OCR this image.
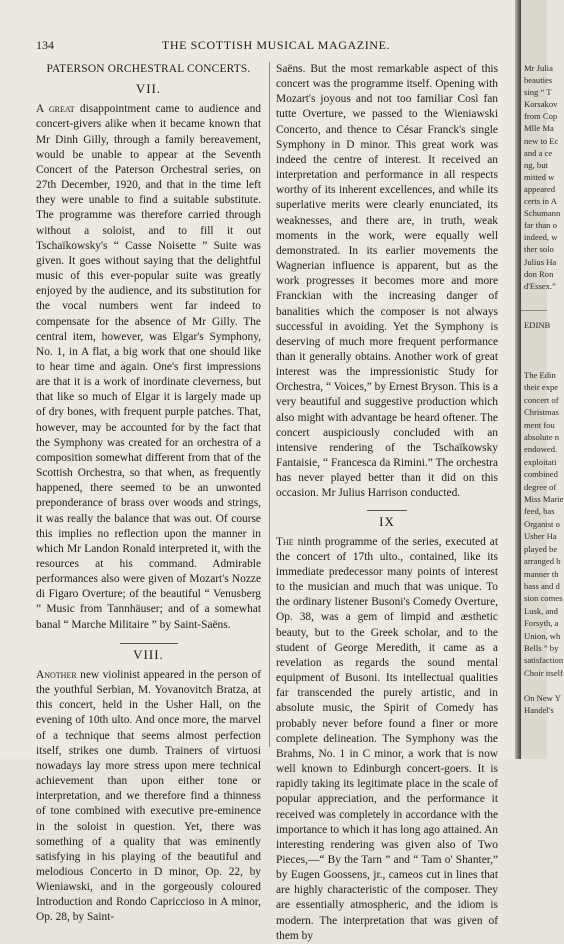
134	THE SCOTTISH MUSICAL MAGAZINE.
PATERSON ORCHESTRAL CONCERTS.
VII.

A great disappointment came to audience and concert-givers alike when it became known that Mr Dinh Gilly, through a family bereavement, would be unable to appear at the Seventh Concert of the Paterson Orchestral series, on 27th December, 1920, and that in the time left they were unable to find a suitable substitute. The programme was therefore carried through without a soloist, and to fill it out Tschaïkowsky's “ Casse Noisette ” Suite was given. It goes without saying that the delightful music of this ever-popular suite was greatly enjoyed by the audience, and its substitution for the vocal numbers went far indeed to compensate for the absence of Mr Gilly. The central item, however, was Elgar's Symphony, No. 1, in A flat, a big work that one should like to hear time and again. One's first impressions are that it is a work of inordinate cleverness, but that like so much of Elgar it is largely made up of dry bones, with frequent purple patches. That, however, may be accounted for by the fact that the Symphony was created for an orchestra of a composition somewhat different from that of the Scottish Orchestra, so that when, as frequently happened, there seemed to be an unwonted preponderance of brass over woods and strings, it was really the balance that was out. Of course this implies no reflection upon the manner in which Mr Landon Ronald interpreted it, with the resources at his command. Admirable performances also were given of Mozart's Nozze di Figaro Overture; of the beautiful “ Venusberg ” Music from Tannhäuser; and of a somewhat banal “ Marche Militaire ” by Saint-Saëns.

VIII.

Another new violinist appeared in the person of the youthful Serbian, M. Yovanovitch Bratza, at this concert, held in the Usher Hall, on the evening of 10th ulto. And once more, the marvel of a technique that seems almost perfection itself, strikes one dumb. Trainers of virtuosi nowadays lay more stress upon mere technical achievement than upon either tone or interpretation, and we therefore find a thinness of tone combined with executive pre-eminence in the soloist in question. Yet, there was something of a quality that was eminently satisfying in his playing of the beautiful and melodious Concerto in D minor, Op. 22, by Wieniawski, and in the gorgeously coloured Introduction and Rondo Capriccioso in A minor, Op. 28, by Saint-

Saëns. But the most remarkable aspect of this concert was the programme itself. Opening with Mozart's joyous and not too familiar Così fan tutte Overture, we passed to the Wieniawski Concerto, and thence to César Franck's single Symphony in D minor. This great work was indeed the centre of interest. It received an interpretation and performance in all respects worthy of its inherent excellences, and while its superlative merits were clearly enunciated, its weaknesses, and there are, in truth, weak moments in the work, were equally well demonstrated. In its earlier movements the Wagnerian influence is apparent, but as the work progresses it becomes more and more Franckian with the increasing danger of banalities which the composer is not always successful in avoiding. Yet the Symphony is deserving of much more frequent performance than it generally obtains. Another work of great interest was the impressionistic Study for Orchestra, “ Voices,” by Ernest Bryson. This is a very beautiful and suggestive production which also might with advantage be heard oftener. The concert auspiciously concluded with an intensive rendering of the Tschaïkowsky Fantaisie, “ Francesca da Rimini.” The orchestra has never played better than it did on this occasion. Mr Julius Harrison conducted.

IX

The ninth programme of the series, executed at the concert of 17th ulto., contained, like its immediate predecessor many points of interest to the musician and much that was unique. To the ordinary listener Busoni's Comedy Overture, Op. 38, was a gem of limpid and æsthetic beauty, but to the Greek scholar, and to the student of George Meredith, it came as a revelation as regards the sound mental equipment of Busoni. Its intellectual qualities far transcended the purely artistic, and in absolute music, the Spirit of Comedy has probably never before found a finer or more complete delineation. The Symphony was the Brahms, No. 1 in C minor, a work that is now well known to Edinburgh concert-goers. It is rapidly taking its legitimate place in the scale of popular appreciation, and the performance it received was completely in accordance with the importance to which it has long ago attained. An interesting rendering was given also of Two Pieces,—“ By the Tarn ” and “ Tam o' Shanter,” by Eugen Goossens, jr., cameos cut in lines that are highly characteristic of the composer. They are essentially atmospheric, and the idiom is modern. The interpretation that was given of them by

Mr Julia
beauties
sing “ T
Korsakov
from Cop
Mlle Ma
new to Ec
and a ce
ng, but
mitted w
appeared
certs in A
Schumann
far than o
indeed, w
ther solo
Julius Ha
don Ron
d'Essex.”
EDINB
The Edin
their expe
concert of
Christmas
ment fou
absolute n
endowed.
exploitati
combined
degree of
Miss Marie
feed, bas
Organist o
Usher Ha
played be
arranged b
manner th
bass and d
sion comes
Lusk, and
Forsyth, a
Union, wh
Bells ” by
satisfaction
Choir itself

On New Y
Handel's
